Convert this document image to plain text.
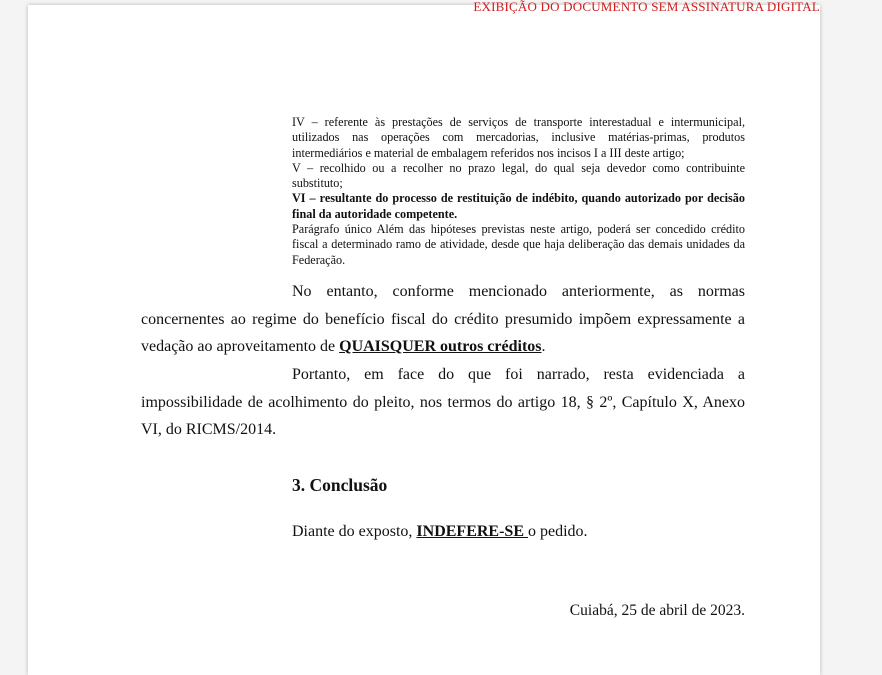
EXIBIÇÃO DO DOCUMENTO SEM ASSINATURA DIGITAL

IV – referente às prestações de serviços de transporte interestadual e intermunicipal, utilizados nas operações com mercadorias, inclusive matérias-primas, produtos intermediários e material de embalagem referidos nos incisos I a III deste artigo;

V – recolhido ou a recolher no prazo legal, do qual seja devedor como contribuinte substituto;

VI – resultante do processo de restituição de indébito, quando autorizado por decisão final da autoridade competente.

Parágrafo único Além das hipóteses previstas neste artigo, poderá ser concedido crédito fiscal a determinado ramo de atividade, desde que haja deliberação das demais unidades da Federação.

No entanto, conforme mencionado anteriormente, as normas concernentes ao regime do benefício fiscal do crédito presumido impõem expressamente a vedação ao aproveitamento de QUAISQUER outros créditos.

Portanto, em face do que foi narrado, resta evidenciada a impossibilidade de acolhimento do pleito, nos termos do artigo 18, § 2º, Capítulo X, Anexo VI, do RICMS/2014.

3. Conclusão

Diante do exposto, INDEFERE-SE o pedido.

Cuiabá, 25 de abril de 2023.
